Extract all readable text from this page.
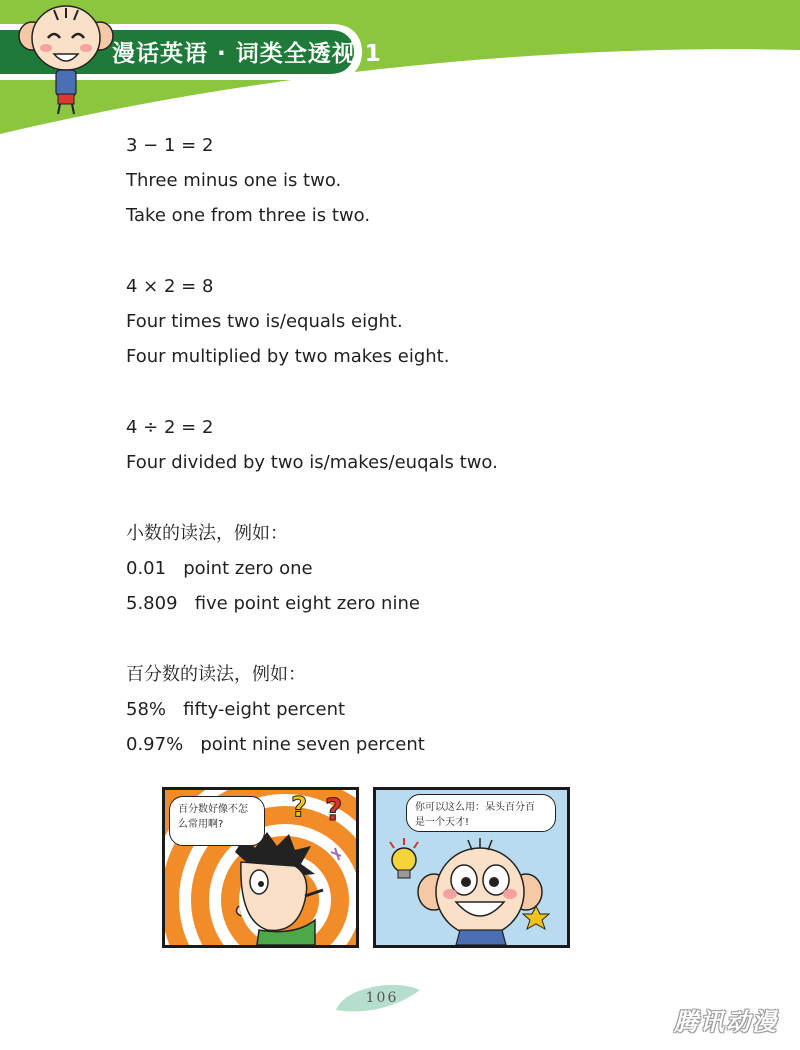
漫话英语 · 词类全透视 1
3 − 1 = 2
Three minus one is two.
Take one from three is two.
4 × 2 = 8
Four times two is/equals eight.
Four multiplied by two makes eight.
4 ÷ 2 = 2
Four divided by two is/makes/euqals two.
小数的读法，例如：
0.01   point zero one
5.809   five point eight zero nine
百分数的读法，例如：
58%   fifty-eight percent
0.97%   point nine seven percent
? ?
百分数好像不怎
么常用啊?
你可以这么用：呆头百分百
是一个天才!
106
腾讯动漫
